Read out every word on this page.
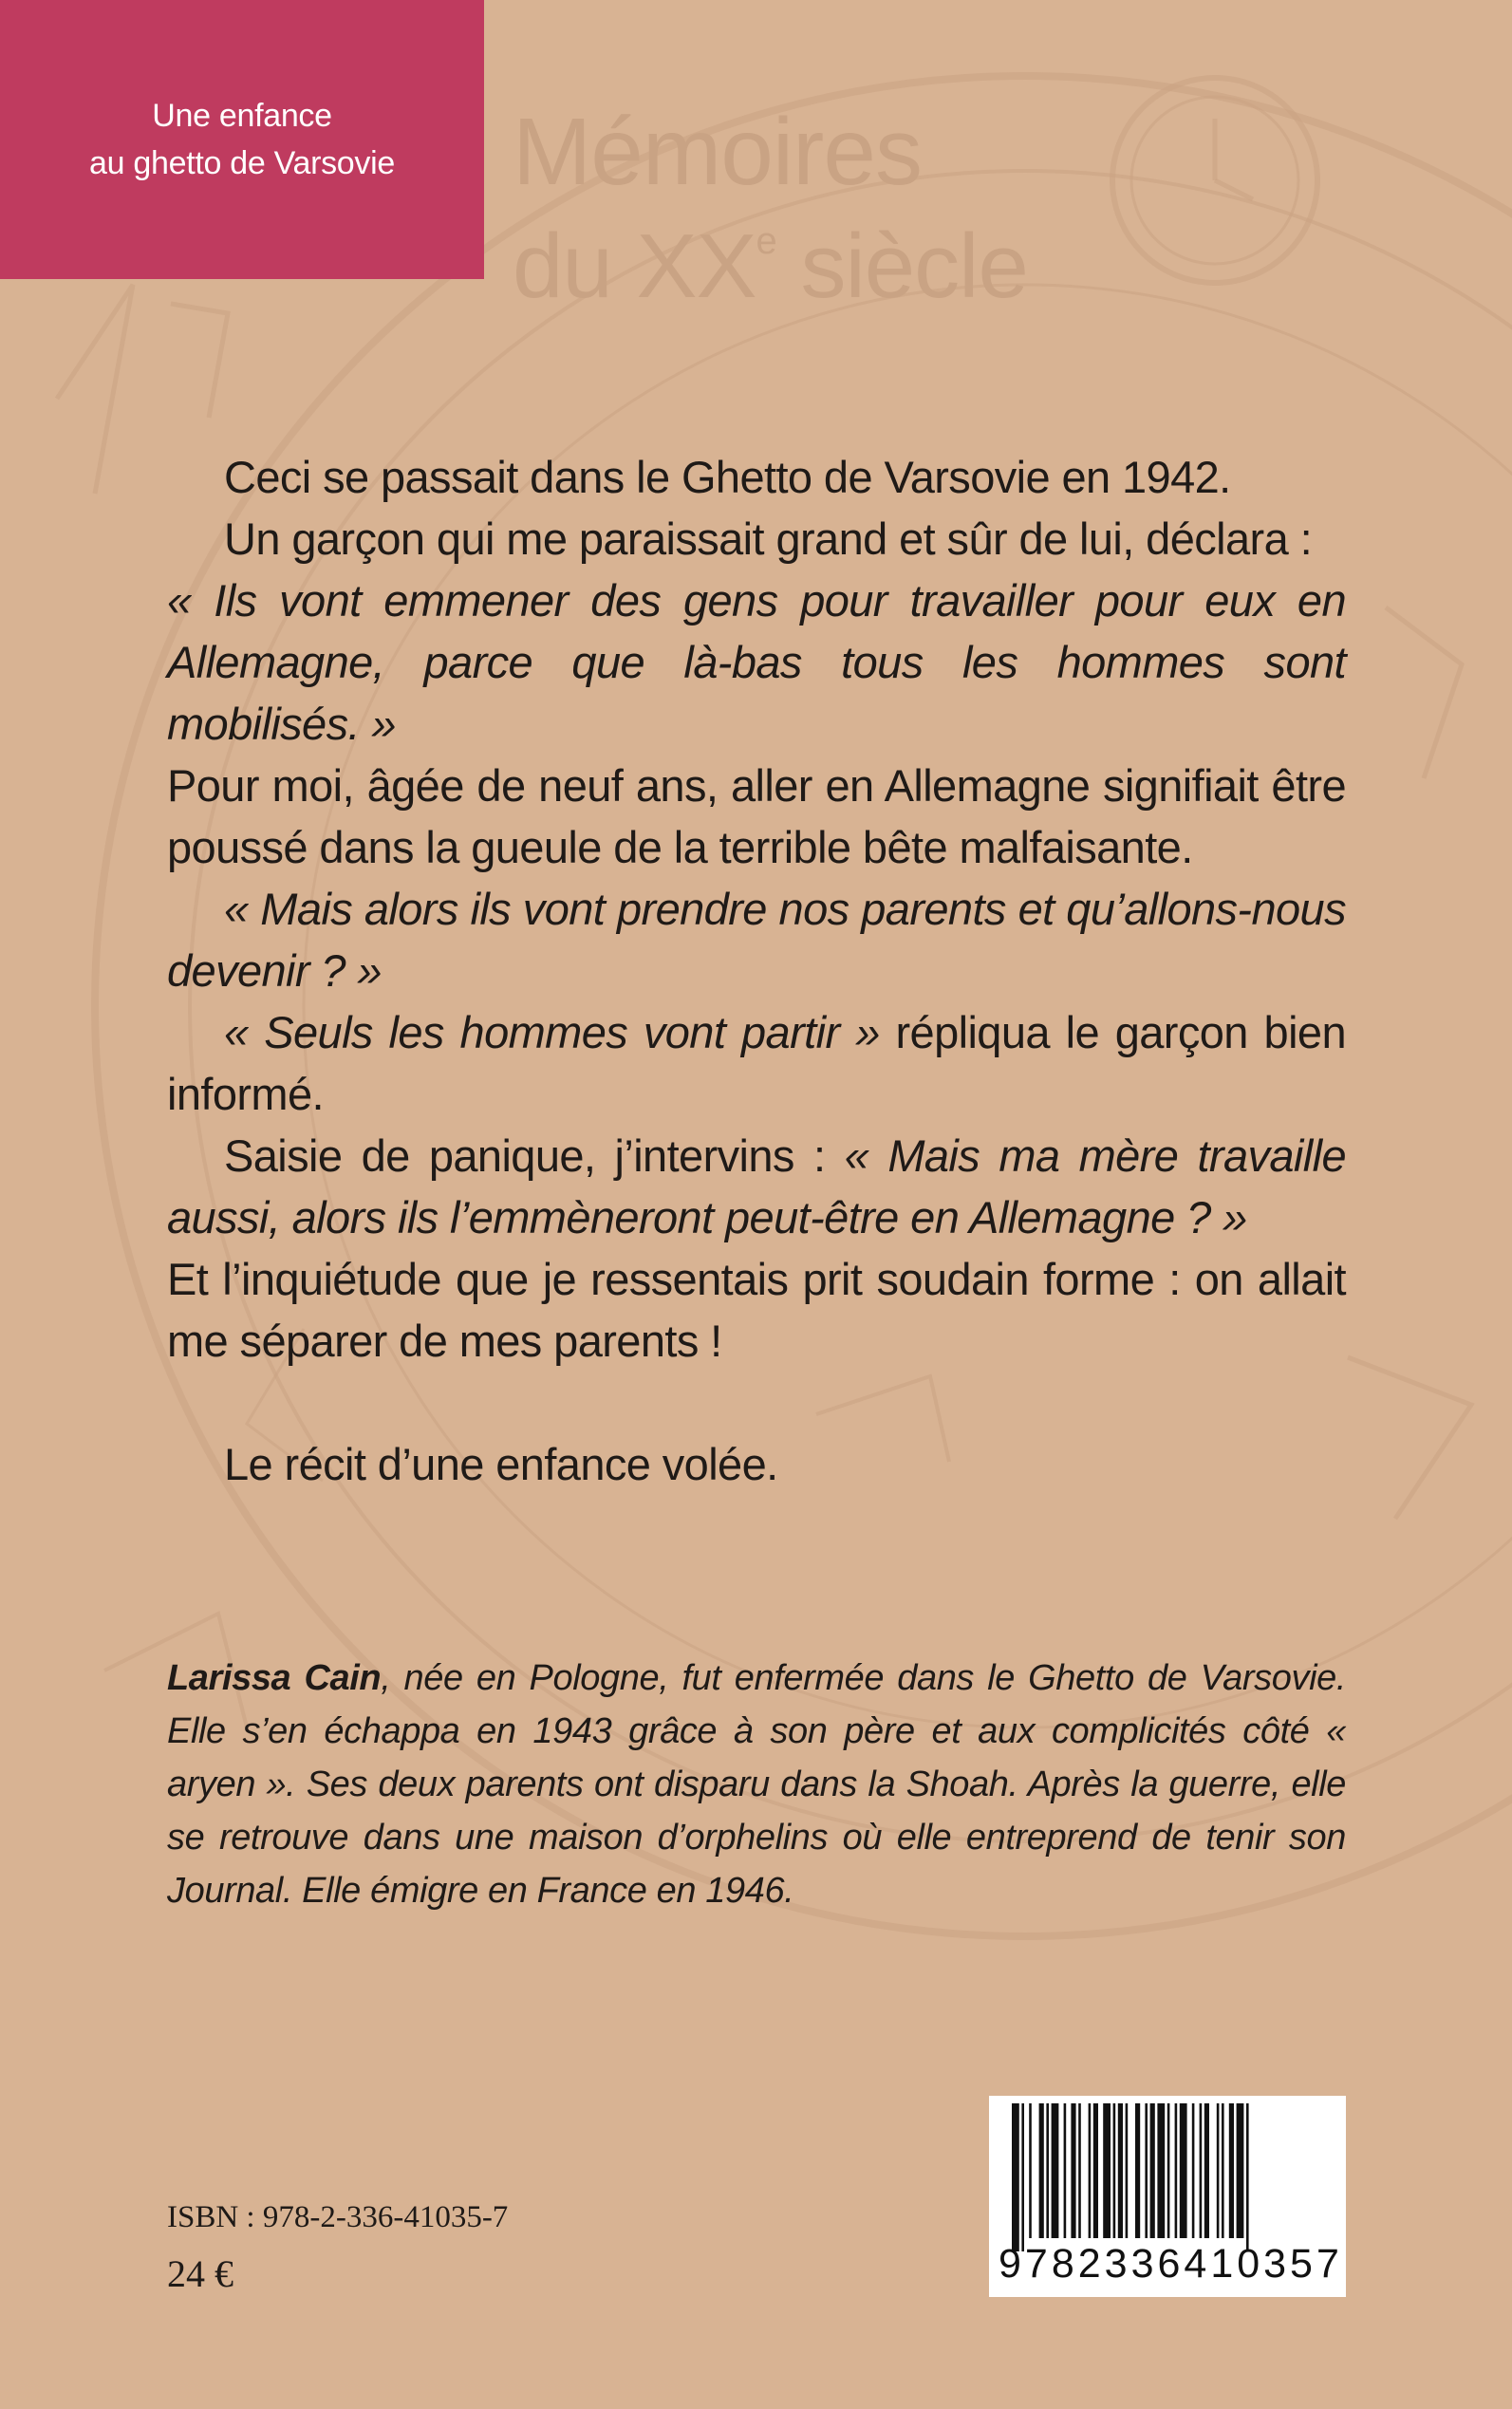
Une enfance
au ghetto de Varsovie Mémoires
du XXe siècle

Ceci se passait dans le Ghetto de Varsovie en 1942.

Un garçon qui me paraissait grand et sûr de lui, déclara :

« Ils vont emmener des gens pour travailler pour eux en Allemagne, parce que là-bas tous les hommes sont mobilisés. »

Pour moi, âgée de neuf ans, aller en Allemagne signifiait être poussé dans la gueule de la terrible bête malfaisante.

« Mais alors ils vont prendre nos parents et qu’allons-nous devenir ? »

« Seuls les hommes vont partir » répliqua le garçon bien informé.

Saisie de panique, j’intervins : « Mais ma mère travaille aussi, alors ils l’emmèneront peut-être en Allemagne ? »

Et l’inquiétude que je ressentais prit soudain forme : on allait me séparer de mes parents !

Le récit d’une enfance volée.

Larissa Cain, née en Pologne, fut enfermée dans le Ghetto de Varsovie. Elle s’en échappa en 1943 grâce à son père et aux complicités côté « aryen ». Ses deux parents ont disparu dans la Shoah. Après la guerre, elle se retrouve dans une maison d’orphelins où elle entreprend de tenir son Journal. Elle émigre en France en 1946.
ISBN : 978-2-336-41035-7
24 €	9782336410357
